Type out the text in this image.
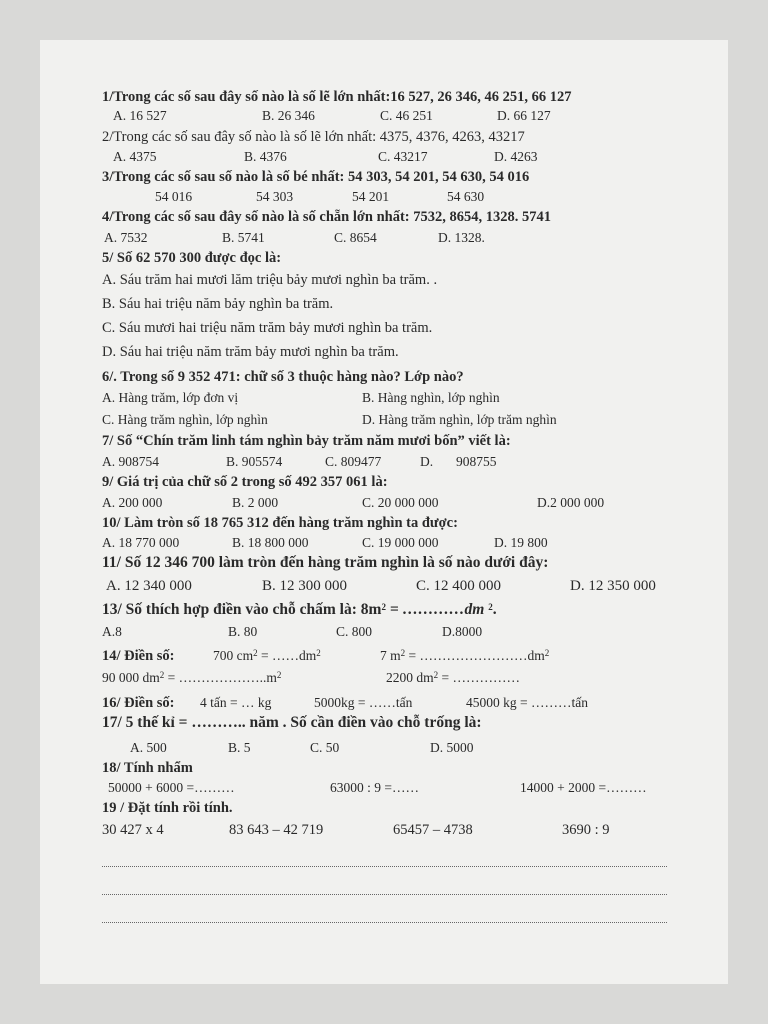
1/Trong các số sau đây số nào là số lẽ lớn nhất:16 527, 26 346, 46 251, 66 127
A. 16 527	B. 26 346	C. 46 251	D. 66 127
2/Trong các số sau đây số nào là số lẽ lớn nhất: 4375, 4376, 4263, 43217
A. 4375	B. 4376	C. 43217	D. 4263
3/Trong các số sau số nào là số bé nhất: 54 303, 54 201, 54 630, 54 016
54 016	54 303	54 201	54 630
4/Trong các số sau đây số nào là số chẵn lớn nhất: 7532, 8654, 1328. 5741
A. 7532	B. 5741	C. 8654	D. 1328.
5/ Số 62 570 300 được đọc là:
A. Sáu trăm hai mươi lăm triệu bảy mươi nghìn ba trăm. .
B. Sáu hai triệu năm bảy nghìn ba trăm.
C. Sáu mươi hai triệu năm trăm bảy mươi nghìn ba trăm.
D. Sáu hai triệu năm trăm bảy mươi nghìn ba trăm.
6/. Trong số 9 352 471: chữ số 3 thuộc hàng nào? Lớp nào?
A. Hàng trăm, lớp đơn vị	B. Hàng nghìn, lớp nghìn
C. Hàng trăm nghìn, lớp nghìn	D. Hàng trăm nghìn, lớp trăm nghìn
7/ Số “Chín trăm linh tám nghìn bảy trăm năm mươi bốn” viết là:
A. 908754	B. 905574	C. 809477	D. 908755
9/ Giá trị của chữ số 2 trong số 492 357 061 là:
A. 200 000	B. 2 000	C. 20 000 000	D.2 000 000
10/ Làm tròn số 18 765 312 đến hàng trăm nghìn ta được:
A. 18 770 000	B. 18 800 000	C. 19 000 000	D. 19 800
11/ Số 12 346 700 làm tròn đến hàng trăm nghìn là số nào dưới đây:
A. 12 340 000	B. 12 300 000	C. 12 400 000	D. 12 350 000
13/ Số thích hợp điền vào chỗ chấm là: $8m^2$ = …………dm $^2$.
A.8	B. 80	C. 800	D.8000
14/ Điền số:	700 $cm^2$ = $\dots\dots dm^2$	7 $m^2$ = $\dots\dots\dots\dots\dots\dots\dots\dots dm^2$
90 000 $dm^2$ = $\dots\dots\dots\dots\dots\dots..m^2$	2200 $dm^2$ = ……………
16/ Điền số: 4 tấn = … kg	5000kg = ……tấn	45000 kg = ………tấn
17/ 5 thế kỉ = ……….. năm . Số cần điền vào chỗ trống là:
A. 500	B. 5	C. 50	D. 5000
18/ Tính nhẩm
50000 + 6000 =………	63000 : 9 =……	14000 + 2000 =………
19 / Đặt tính rồi tính.
30 427 x 4	83 643 – 42 719	65457 – 4738	3690 : 9
